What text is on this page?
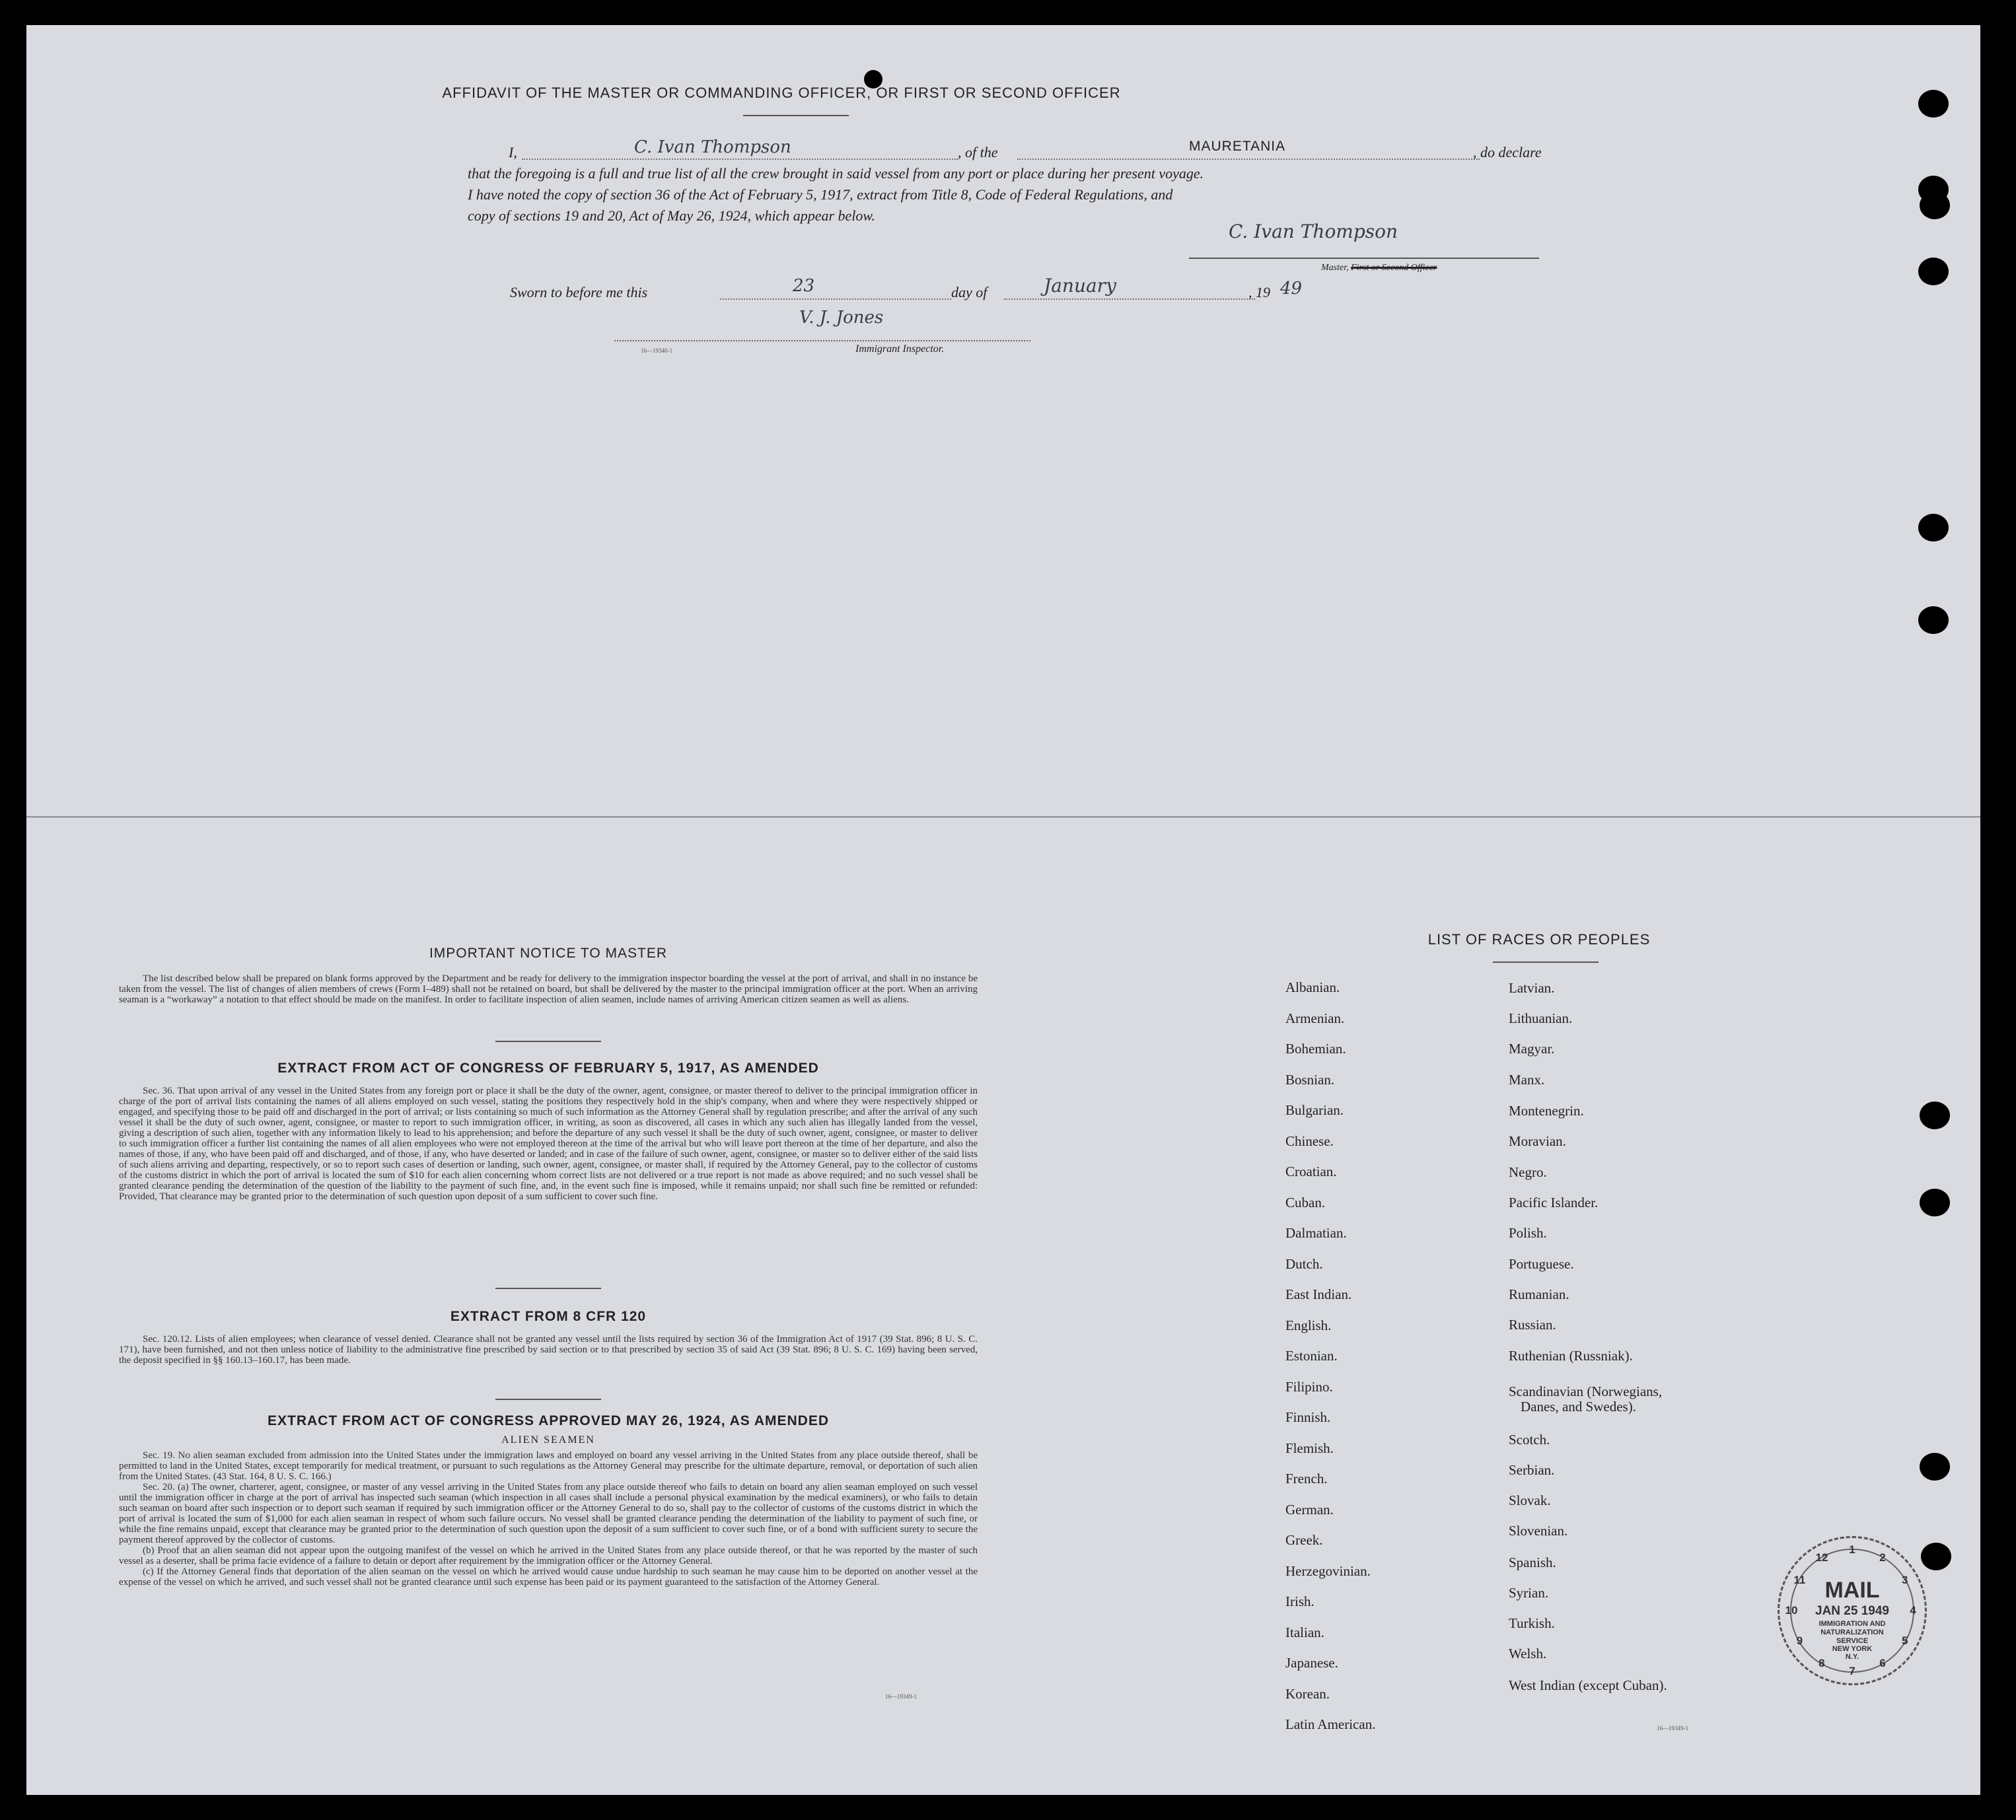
AFFIDAVIT OF THE MASTER OR COMMANDING OFFICER, OR FIRST OR SECOND OFFICER
I,	C. Ivan Thompson	, of the	MAURETANIA	, do declare
that the foregoing is a full and true list of all the crew brought in said vessel from any port or place during her present voyage.
I have noted the copy of section 36 of the Act of February 5, 1917, extract from Title 8, Code of Federal Regulations, and
copy of sections 19 and 20, Act of May 26, 1924, which appear below.
C. Ivan Thompson
Master, First or Second Officer
Sworn to before me this	23	day of	January	, 19 49
V. J. Jones
16—19340-1	Immigrant Inspector.
IMPORTANT NOTICE TO MASTER

The list described below shall be prepared on blank forms approved by the Department and be ready for delivery to the immigration inspector boarding the vessel at the port of arrival, and shall in no instance be taken from the vessel. The list of changes of alien members of crews (Form I–489) shall not be retained on board, but shall be delivered by the master to the principal immigration officer at the port. When an arriving seaman is a “workaway” a notation to that effect should be made on the manifest. In order to facilitate inspection of alien seamen, include names of arriving American citizen seamen as well as aliens.

EXTRACT FROM ACT OF CONGRESS OF FEBRUARY 5, 1917, AS AMENDED

Sec. 36. That upon arrival of any vessel in the United States from any foreign port or place it shall be the duty of the owner, agent, consignee, or master thereof to deliver to the principal immigration officer in charge of the port of arrival lists containing the names of all aliens employed on such vessel, stating the positions they respectively hold in the ship's company, when and where they were respectively shipped or engaged, and specifying those to be paid off and discharged in the port of arrival; or lists containing so much of such information as the Attorney General shall by regulation prescribe; and after the arrival of any such vessel it shall be the duty of such owner, agent, consignee, or master to report to such immigration officer, in writing, as soon as discovered, all cases in which any such alien has illegally landed from the vessel, giving a description of such alien, together with any information likely to lead to his apprehension; and before the departure of any such vessel it shall be the duty of such owner, agent, consignee, or master to deliver to such immigration officer a further list containing the names of all alien employees who were not employed thereon at the time of the arrival but who will leave port thereon at the time of her departure, and also the names of those, if any, who have been paid off and discharged, and of those, if any, who have deserted or landed; and in case of the failure of such owner, agent, consignee, or master so to deliver either of the said lists of such aliens arriving and departing, respectively, or so to report such cases of desertion or landing, such owner, agent, consignee, or master shall, if required by the Attorney General, pay to the collector of customs of the customs district in which the port of arrival is located the sum of $10 for each alien concerning whom correct lists are not delivered or a true report is not made as above required; and no such vessel shall be granted clearance pending the determination of the question of the liability to the payment of such fine, and, in the event such fine is imposed, while it remains unpaid; nor shall such fine be remitted or refunded: Provided, That clearance may be granted prior to the determination of such question upon deposit of a sum sufficient to cover such fine.

EXTRACT FROM 8 CFR 120

Sec. 120.12. Lists of alien employees; when clearance of vessel denied. Clearance shall not be granted any vessel until the lists required by section 36 of the Immigration Act of 1917 (39 Stat. 896; 8 U. S. C. 171), have been furnished, and not then unless notice of liability to the administrative fine prescribed by said section or to that prescribed by section 35 of said Act (39 Stat. 896; 8 U. S. C. 169) having been served, the deposit specified in §§ 160.13–160.17, has been made.

EXTRACT FROM ACT OF CONGRESS APPROVED MAY 26, 1924, AS AMENDED
ALIEN SEAMEN

Sec. 19. No alien seaman excluded from admission into the United States under the immigration laws and employed on board any vessel arriving in the United States from any place outside thereof, shall be permitted to land in the United States, except temporarily for medical treatment, or pursuant to such regulations as the Attorney General may prescribe for the ultimate departure, removal, or deportation of such alien from the United States. (43 Stat. 164, 8 U. S. C. 166.)

Sec. 20. (a) The owner, charterer, agent, consignee, or master of any vessel arriving in the United States from any place outside thereof who fails to detain on board any alien seaman employed on such vessel until the immigration officer in charge at the port of arrival has inspected such seaman (which inspection in all cases shall include a personal physical examination by the medical examiners), or who fails to detain such seaman on board after such inspection or to deport such seaman if required by such immigration officer or the Attorney General to do so, shall pay to the collector of customs of the customs district in which the port of arrival is located the sum of $1,000 for each alien seaman in respect of whom such failure occurs. No vessel shall be granted clearance pending the determination of the liability to payment of such fine, or while the fine remains unpaid, except that clearance may be granted prior to the determination of such question upon the deposit of a sum sufficient to cover such fine, or of a bond with sufficient surety to secure the payment thereof approved by the collector of customs.

(b) Proof that an alien seaman did not appear upon the outgoing manifest of the vessel on which he arrived in the United States from any place outside thereof, or that he was reported by the master of such vessel as a deserter, shall be prima facie evidence of a failure to detain or deport after requirement by the immigration officer or the Attorney General.

(c) If the Attorney General finds that deportation of the alien seaman on the vessel on which he arrived would cause undue hardship to such seaman he may cause him to be deported on another vessel at the expense of the vessel on which he arrived, and such vessel shall not be granted clearance until such expense has been paid or its payment guaranteed to the satisfaction of the Attorney General.

16—19349-1
LIST OF RACES OR PEOPLES
Albanian.
Armenian.
Bohemian.
Bosnian.
Bulgarian.
Chinese.
Croatian.
Cuban.
Dalmatian.
Dutch.
East Indian.
English.
Estonian.
Filipino.
Finnish.
Flemish.
French.
German.
Greek.
Herzegovinian.
Irish.
Italian.
Japanese.
Korean.
Latin American.
Latvian.
Lithuanian.
Magyar.
Manx.
Montenegrin.
Moravian.
Negro.
Pacific Islander.
Polish.
Portuguese.
Rumanian.
Russian.
Ruthenian (Russniak).
Scandinavian (Norwegians,
Danes, and Swedes).
Scotch.
Serbian.
Slovak.
Slovenian.
Spanish.
Syrian.
Turkish.
Welsh.
West Indian (except Cuban).
16—19349-1
1
2
3
4
5
6
7
8
9
10
11
12
MAIL
JAN 25 1949
IMMIGRATION AND
NATURALIZATION
SERVICE
NEW YORK
N.Y.
